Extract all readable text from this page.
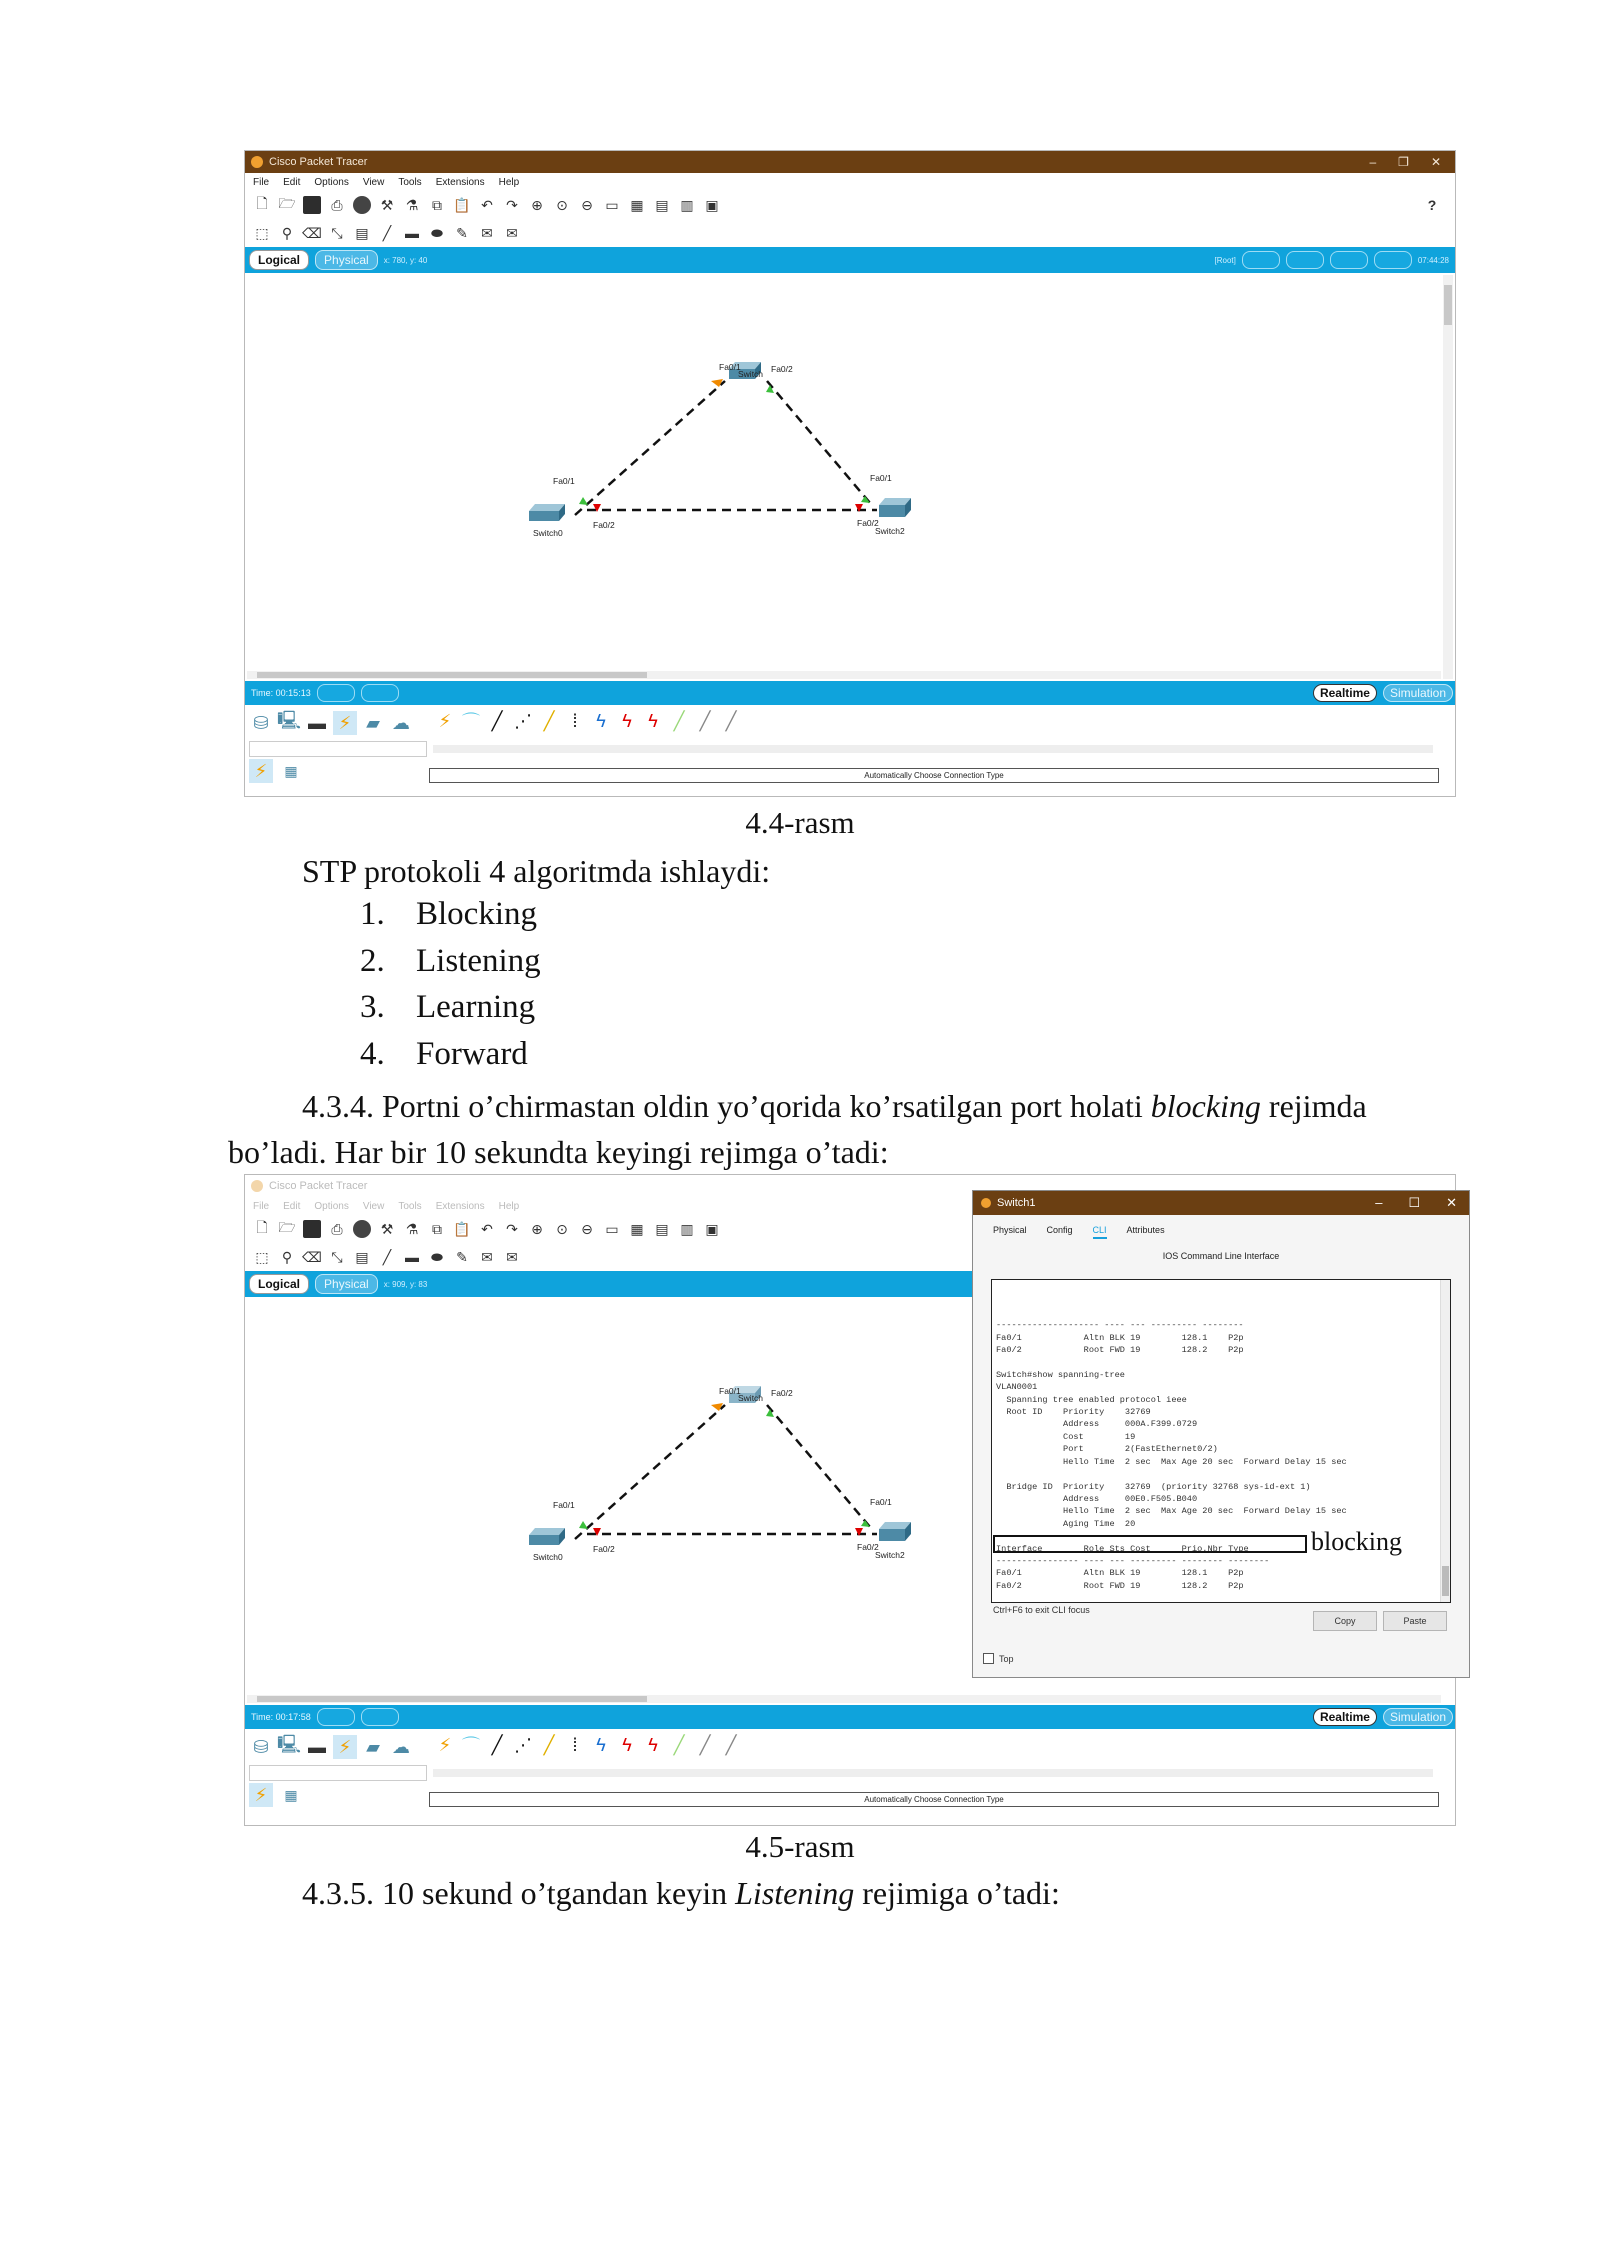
Cisco Packet Tracer	– ❐ ✕
File Edit Options View Tools Extensions Help
🗋 🗁	⎙	⚒ ⚗ ⧉ 📋 ↶ ↷ ⊕ ⊙ ⊖ ▭ ▦ ▤ ▥ ▣	?
⬚ ⚲ ⌫ ⤡ ▤	╱ ▬ ⬬ ✎ ✉ ✉
Logical	Physical	x: 780, y: 40	[Root]	07:44:28
Fa0/1
Switch Fa0/2
Fa0/1
Fa0/2
Switch0
Fa0/1
Fa0/2
Switch2
Time: 00:15:13	Realtime	Simulation
⛁ 🖳 ▬ ⚡ ▰ ☁	⚡ ⌒ ╱ ⋰ ╱	⁞	ϟ ϟ ϟ ╱ ╱ ╱
⚡	▦	Automatically Choose Connection Type
4.4-rasm
STP protokoli 4 algoritmda ishlaydi:
1. Blocking
2. Listening
3. Learning
4. Forward
4.3.4. Portni o’chirmastan oldin yo’qorida ko’rsatilgan port holati blocking rejimda
bo’ladi. Har bir 10 sekundta keyingi rejimga o’tadi:
Cisco Packet Tracer
File Edit Options View Tools Extensions Help
🗋 🗁	⎙	⚒ ⚗ ⧉ 📋 ↶ ↷ ⊕ ⊙ ⊖ ▭ ▦ ▤ ▥ ▣
⬚ ⚲ ⌫ ⤡ ▤	╱ ▬ ⬬ ✎ ✉ ✉
Logical	Physical	x: 909, y: 83
Fa0/1
Switch Fa0/2
Fa0/1
Fa0/2
Switch0
Fa0/1
Fa0/2
Switch2
Time: 00:17:58	Realtime	Simulation
⛁ 🖳 ▬ ⚡ ▰ ☁	⚡ ⌒ ╱ ⋰ ╱	⁞	ϟ ϟ ϟ ╱ ╱ ╱
⚡	▦	Automatically Choose Connection Type
Switch1	– ☐ ✕
Physical Config CLI Attributes
IOS Command Line Interface

-------------------- ---- --- --------- --------
Fa0/1            Altn BLK 19        128.1    P2p
Fa0/2            Root FWD 19        128.2    P2p

Switch#show spanning-tree
VLAN0001
Spanning tree enabled protocol ieee
Root ID    Priority    32769
Address     000A.F399.0729
Cost        19
Port        2(FastEthernet0/2)
Hello Time  2 sec  Max Age 20 sec  Forward Delay 15 sec

Bridge ID  Priority    32769  (priority 32768 sys-id-ext 1)
Address     00E0.F505.B040
Hello Time  2 sec  Max Age 20 sec  Forward Delay 15 sec
Aging Time  20

Interface        Role Sts Cost      Prio.Nbr Type
---------------- ---- --- --------- -------- --------
Fa0/1            Altn BLK 19        128.1    P2p
Fa0/2            Root FWD 19        128.2    P2p

blocking
Ctrl+F6 to exit CLI focus
Copy	Paste
Top
4.5-rasm
4.3.5. 10 sekund o’tgandan keyin Listening rejimiga o’tadi:
